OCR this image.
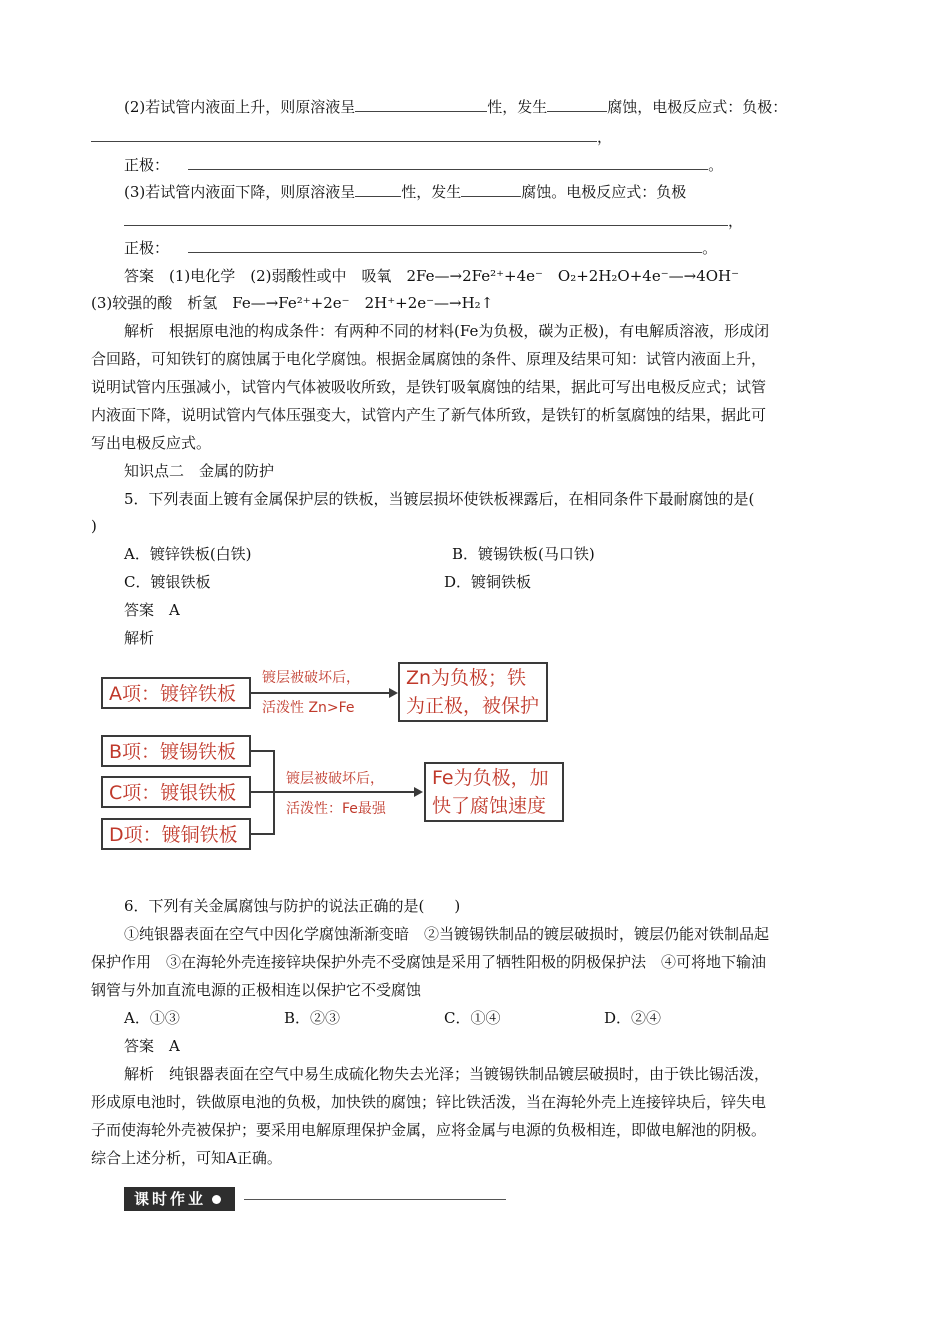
(2)若试管内液面上升，则原溶液呈	性，发生	腐蚀，电极反应式：负极：
，
正极：	。
(3)若试管内液面下降，则原溶液呈	性，发生	腐蚀。电极反应式：负极
，
正极：	。
答案　(1)电化学　(2)弱酸性或中　吸氧　2Fe—→2Fe²⁺+4e⁻　O₂+2H₂O+4e⁻—→4OH⁻
(3)较强的酸　析氢　Fe—→Fe²⁺+2e⁻　2H⁺+2e⁻—→H₂↑
解析　根据原电池的构成条件：有两种不同的材料(Fe为负极，碳为正极)，有电解质溶液，形成闭
合回路，可知铁钉的腐蚀属于电化学腐蚀。根据金属腐蚀的条件、原理及结果可知：试管内液面上升，
说明试管内压强减小，试管内气体被吸收所致，是铁钉吸氧腐蚀的结果，据此可写出电极反应式；试管
内液面下降，说明试管内气体压强变大，试管内产生了新气体所致，是铁钉的析氢腐蚀的结果，据此可
写出电极反应式。
知识点二　金属的防护
5．下列表面上镀有金属保护层的铁板，当镀层损坏使铁板裸露后，在相同条件下最耐腐蚀的是(
)
A．镀锌铁板(白铁)	B．镀锡铁板(马口铁)
C．镀银铁板	D．镀铜铁板
答案　A
解析
A项：镀锌铁板
镀层被破坏后，
活泼性 Zn>Fe
Zn为负极；铁
为正极，被保护
B项：镀锡铁板
C项：镀银铁板
D项：镀铜铁板
镀层被破坏后，
活泼性：Fe最强
Fe为负极，加
快了腐蚀速度
6．下列有关金属腐蚀与防护的说法正确的是(　　)
①纯银器表面在空气中因化学腐蚀渐渐变暗　②当镀锡铁制品的镀层破损时，镀层仍能对铁制品起
保护作用　③在海轮外壳连接锌块保护外壳不受腐蚀是采用了牺牲阳极的阴极保护法　④可将地下输油
钢管与外加直流电源的正极相连以保护它不受腐蚀
A．①③	B．②③	C．①④	D．②④
答案　A
解析　纯银器表面在空气中易生成硫化物失去光泽；当镀锡铁制品镀层破损时，由于铁比锡活泼，
形成原电池时，铁做原电池的负极，加快铁的腐蚀；锌比铁活泼，当在海轮外壳上连接锌块后，锌失电
子而使海轮外壳被保护；要采用电解原理保护金属，应将金属与电源的负极相连，即做电解池的阴极。
综合上述分析，可知A正确。
课时作业
